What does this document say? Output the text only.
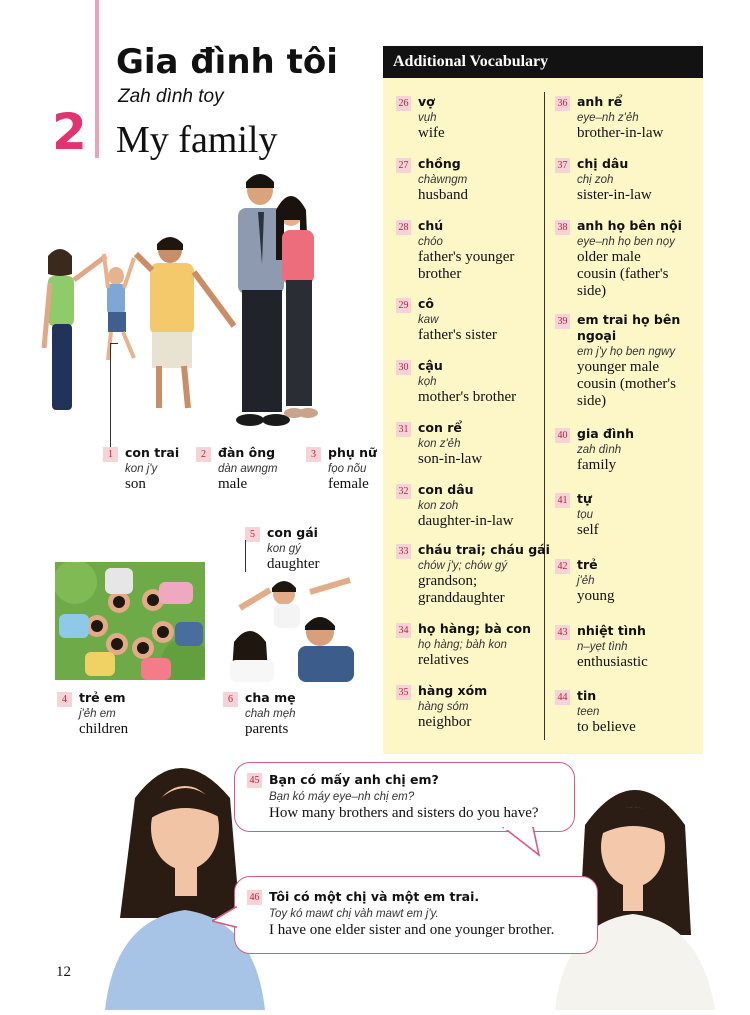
2
Gia đình tôi
Zah dình toy
My family
1 con trai
kon j'y
son
2 đàn ông
dàn awngm
male
3 phụ nữ
fọo nõu
female
5 con gái
kon gý
daughter
4 trẻ em
j'ẻh em
children
6 cha mẹ
chah mẹh
parents
Additional Vocabulary
26 vợ
vụh
wife
27 chồng
chàwngm
husband
28 chú
chóo
father's younger
brother
29 cô
kaw
father's sister
30 cậu
kọh
mother's brother
31 con rể
kon z'ẻh
son-in-law
32 con dâu
kon zoh
daughter-in-law
33 cháu trai; cháu gái
chów j'y; chów gý
grandson;
granddaughter
34 họ hàng; bà con
họ hàng; bàh kon
relatives
35 hàng xóm
hàng sóm
neighbor
36 anh rể
eye–nh z'ẻh
brother-in-law
37 chị dâu
chị zoh
sister-in-law
38 anh họ bên nội
eye–nh họ ben nọy
older male
cousin (father's
side)
39 em trai họ bên
ngoại
em j'y họ ben ngwy
younger male
cousin (mother's
side)
40 gia đình
zah dình
family
41 tự
tọu
self
42 trẻ
j'ẻh
young
43 nhiệt tình
n–yẹt tình
enthusiastic
44 tin
teen
to believe
45 Bạn có mấy anh chị em?
Bạn kó máy eye–nh chị em?
How many brothers and sisters do you have?
46 Tôi có một chị và một em trai.
Toy kó mawt chị vàh mawt em j'y.
I have one elder sister and one younger brother.
12
